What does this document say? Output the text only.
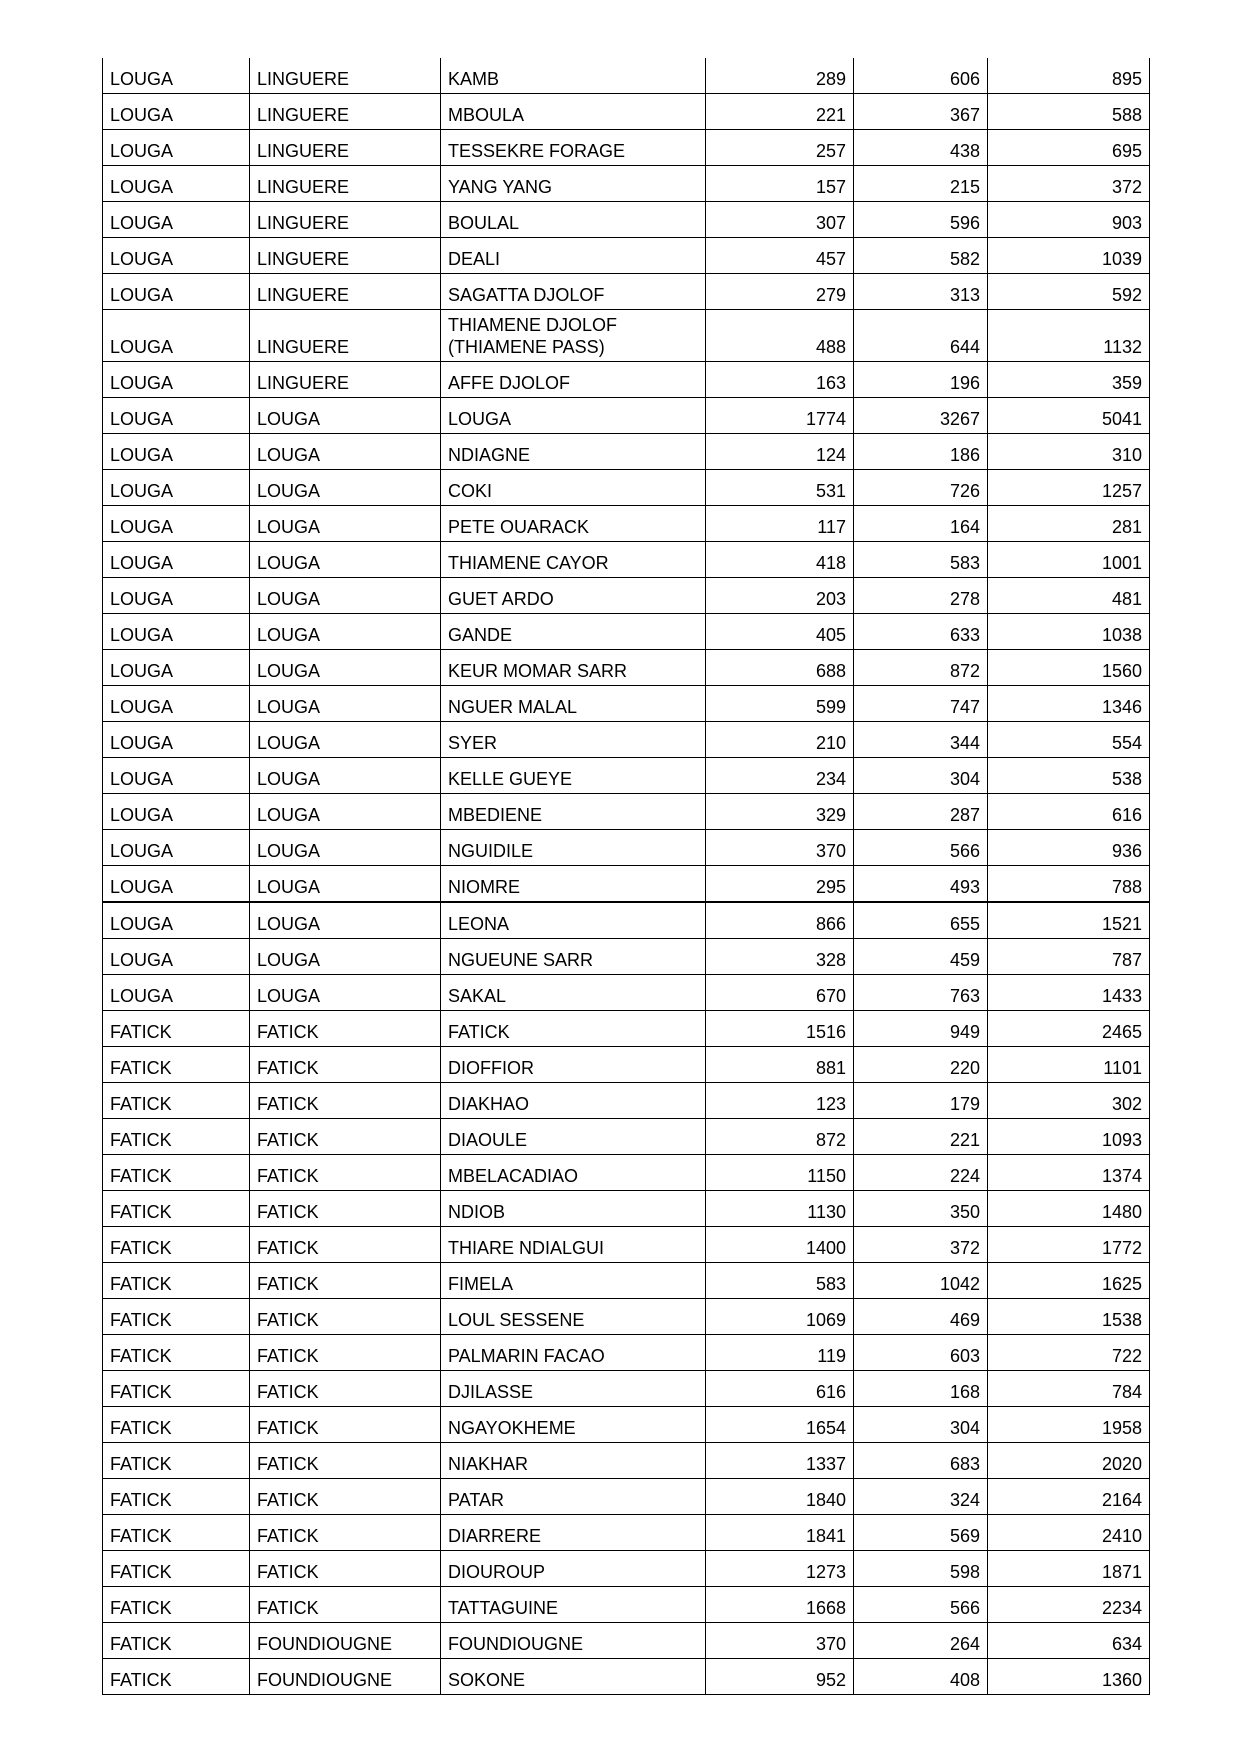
LOUGA	LINGUERE	KAMB	289	606	895
LOUGA	LINGUERE	MBOULA	221	367	588
LOUGA	LINGUERE	TESSEKRE FORAGE	257	438	695
LOUGA	LINGUERE	YANG YANG	157	215	372
LOUGA	LINGUERE	BOULAL	307	596	903
LOUGA	LINGUERE	DEALI	457	582	1039
LOUGA	LINGUERE	SAGATTA DJOLOF	279	313	592
LOUGA	LINGUERE	THIAMENE DJOLOF (THIAMENE PASS)	488	644	1132
LOUGA	LINGUERE	AFFE DJOLOF	163	196	359
LOUGA	LOUGA	LOUGA	1774	3267	5041
LOUGA	LOUGA	NDIAGNE	124	186	310
LOUGA	LOUGA	COKI	531	726	1257
LOUGA	LOUGA	PETE OUARACK	117	164	281
LOUGA	LOUGA	THIAMENE CAYOR	418	583	1001
LOUGA	LOUGA	GUET ARDO	203	278	481
LOUGA	LOUGA	GANDE	405	633	1038
LOUGA	LOUGA	KEUR MOMAR SARR	688	872	1560
LOUGA	LOUGA	NGUER MALAL	599	747	1346
LOUGA	LOUGA	SYER	210	344	554
LOUGA	LOUGA	KELLE GUEYE	234	304	538
LOUGA	LOUGA	MBEDIENE	329	287	616
LOUGA	LOUGA	NGUIDILE	370	566	936
LOUGA	LOUGA	NIOMRE	295	493	788
LOUGA	LOUGA	LEONA	866	655	1521
LOUGA	LOUGA	NGUEUNE SARR	328	459	787
LOUGA	LOUGA	SAKAL	670	763	1433
FATICK	FATICK	FATICK	1516	949	2465
FATICK	FATICK	DIOFFIOR	881	220	1101
FATICK	FATICK	DIAKHAO	123	179	302
FATICK	FATICK	DIAOULE	872	221	1093
FATICK	FATICK	MBELACADIAO	1150	224	1374
FATICK	FATICK	NDIOB	1130	350	1480
FATICK	FATICK	THIARE NDIALGUI	1400	372	1772
FATICK	FATICK	FIMELA	583	1042	1625
FATICK	FATICK	LOUL SESSENE	1069	469	1538
FATICK	FATICK	PALMARIN FACAO	119	603	722
FATICK	FATICK	DJILASSE	616	168	784
FATICK	FATICK	NGAYOKHEME	1654	304	1958
FATICK	FATICK	NIAKHAR	1337	683	2020
FATICK	FATICK	PATAR	1840	324	2164
FATICK	FATICK	DIARRERE	1841	569	2410
FATICK	FATICK	DIOUROUP	1273	598	1871
FATICK	FATICK	TATTAGUINE	1668	566	2234
FATICK	FOUNDIOUGNE	FOUNDIOUGNE	370	264	634
FATICK	FOUNDIOUGNE	SOKONE	952	408	1360
